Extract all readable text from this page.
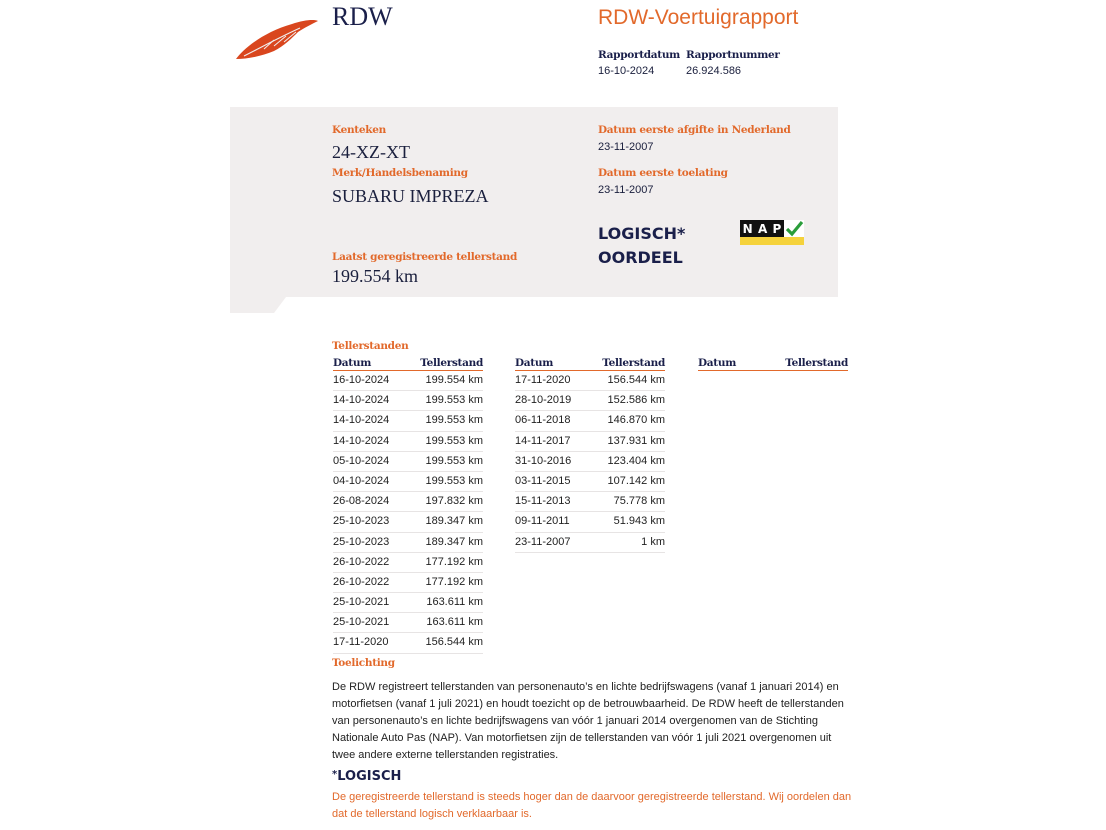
RDW	RDW-Voertuigrapport
Rapportdatum
16-10-2024
Rapportnummer
26.924.586
Kenteken
24-XZ-XT
Merk/Handelsbenaming
SUBARU IMPREZA
Laatst geregistreerde tellerstand
199.554 km
Datum eerste afgifte in Nederland
23-11-2007
Datum eerste toelating
23-11-2007
LOGISCH*
OORDEEL
N A P
Tellerstanden
Datum	Tellerstand
16-10-2024	199.554 km
14-10-2024	199.553 km
14-10-2024	199.553 km
14-10-2024	199.553 km
05-10-2024	199.553 km
04-10-2024	199.553 km
26-08-2024	197.832 km
25-10-2023	189.347 km
25-10-2023	189.347 km
26-10-2022	177.192 km
26-10-2022	177.192 km
25-10-2021	163.611 km
25-10-2021	163.611 km
17-11-2020	156.544 km
Datum	Tellerstand
17-11-2020	156.544 km
28-10-2019	152.586 km
06-11-2018	146.870 km
14-11-2017	137.931 km
31-10-2016	123.404 km
03-11-2015	107.142 km
15-11-2013	75.778 km
09-11-2011	51.943 km
23-11-2007	1 km
Datum	Tellerstand
Toelichting
De RDW registreert tellerstanden van personenauto’s en lichte bedrijfswagens (vanaf 1 januari 2014) en
motorfietsen (vanaf 1 juli 2021) en houdt toezicht op de betrouwbaarheid. De RDW heeft de tellerstanden
van personenauto’s en lichte bedrijfswagens van vóór 1 januari 2014 overgenomen van de Stichting
Nationale Auto Pas (NAP). Van motorfietsen zijn de tellerstanden van vóór 1 juli 2021 overgenomen uit
twee andere externe tellerstanden registraties.
*LOGISCH
De geregistreerde tellerstand is steeds hoger dan de daarvoor geregistreerde tellerstand. Wij oordelen dan
dat de tellerstand logisch verklaarbaar is.
